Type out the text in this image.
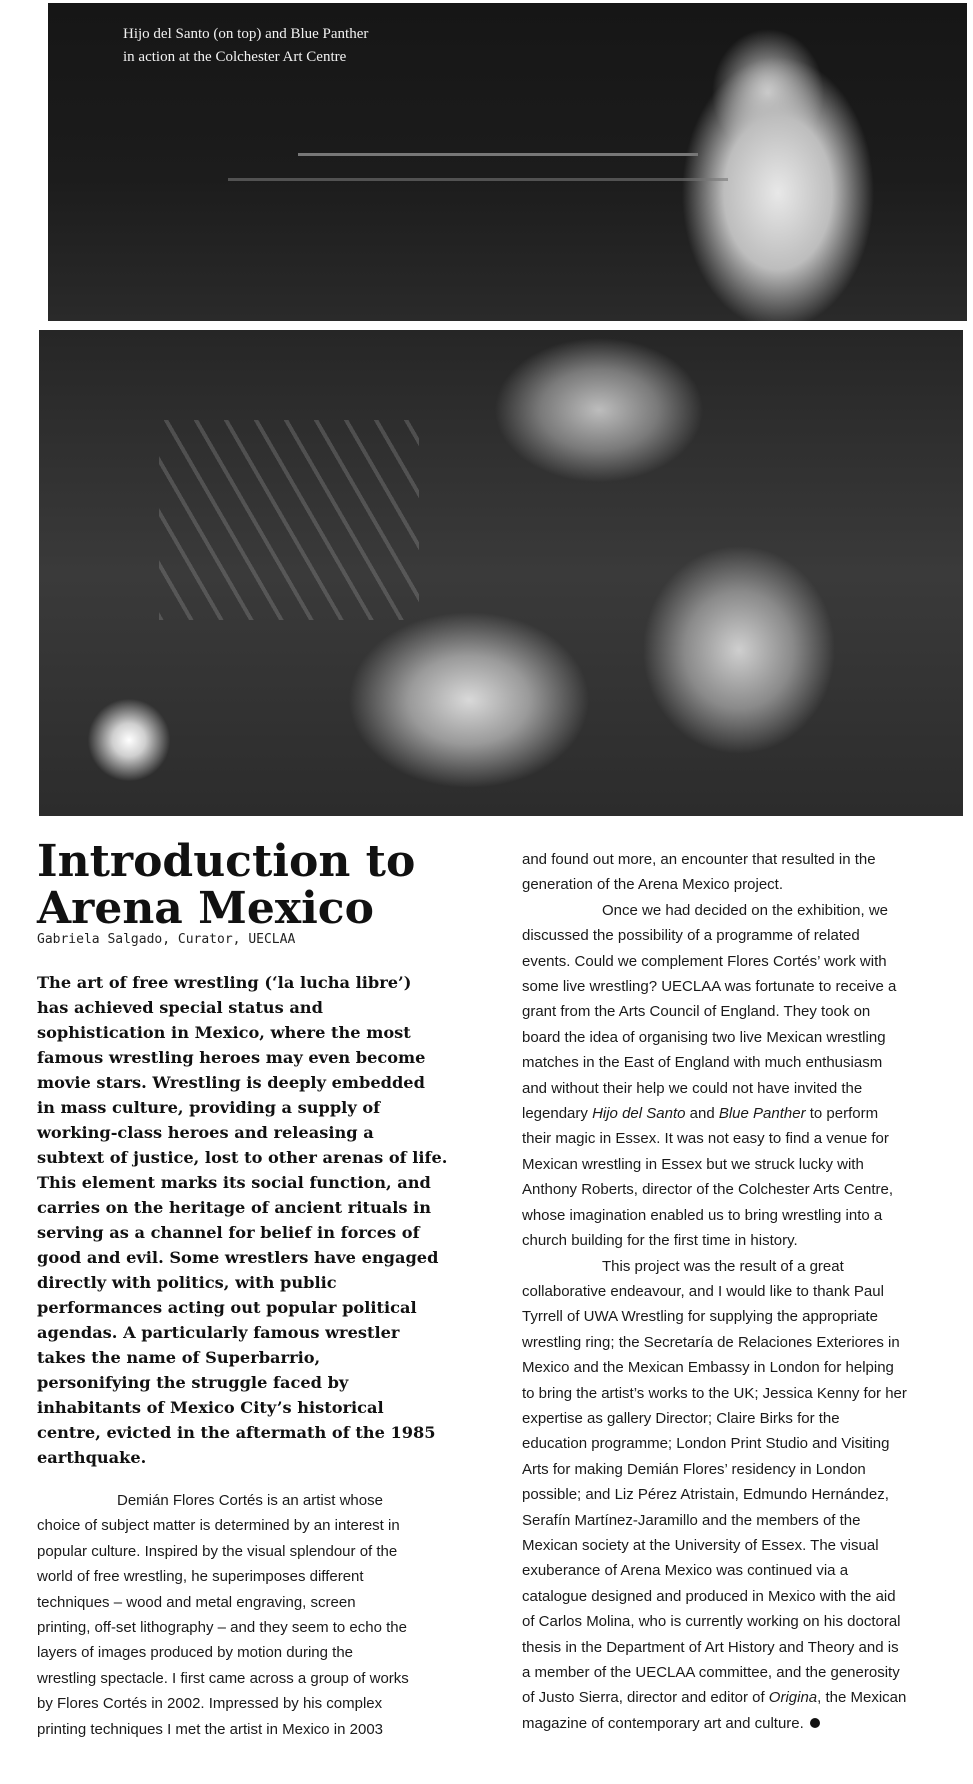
Hijo del Santo (on top) and Blue Panther
in action at the Colchester Art Centre
Introduction to
Arena Mexico
Gabriela Salgado, Curator, UECLAA
The art of free wrestling (‘la lucha libre’)
has achieved special status and
sophistication in Mexico, where the most
famous wrestling heroes may even become
movie stars. Wrestling is deeply embedded
in mass culture, providing a supply of
working-class heroes and releasing a
subtext of justice, lost to other arenas of life.
This element marks its social function, and
carries on the heritage of ancient rituals in
serving as a channel for belief in forces of
good and evil. Some wrestlers have engaged
directly with politics, with public
performances acting out popular political
agendas. A particularly famous wrestler
takes the name of Superbarrio,
personifying the struggle faced by
inhabitants of Mexico City’s historical
centre, evicted in the aftermath of the 1985
earthquake.
Demián Flores Cortés is an artist whose
choice of subject matter is determined by an interest in
popular culture. Inspired by the visual splendour of the
world of free wrestling, he superimposes different
techniques – wood and metal engraving, screen
printing, off-set lithography – and they seem to echo the
layers of images produced by motion during the
wrestling spectacle. I first came across a group of works
by Flores Cortés in 2002. Impressed by his complex
printing techniques I met the artist in Mexico in 2003
and found out more, an encounter that resulted in the
generation of the Arena Mexico project.
Once we had decided on the exhibition, we
discussed the possibility of a programme of related
events. Could we complement Flores Cortés’ work with
some live wrestling? UECLAA was fortunate to receive a
grant from the Arts Council of England. They took on
board the idea of organising two live Mexican wrestling
matches in the East of England with much enthusiasm
and without their help we could not have invited the
legendary Hijo del Santo and Blue Panther to perform
their magic in Essex. It was not easy to find a venue for
Mexican wrestling in Essex but we struck lucky with
Anthony Roberts, director of the Colchester Arts Centre,
whose imagination enabled us to bring wrestling into a
church building for the first time in history.
This project was the result of a great
collaborative endeavour, and I would like to thank Paul
Tyrrell of UWA Wrestling for supplying the appropriate
wrestling ring; the Secretaría de Relaciones Exteriores in
Mexico and the Mexican Embassy in London for helping
to bring the artist’s works to the UK; Jessica Kenny for her
expertise as gallery Director; Claire Birks for the
education programme; London Print Studio and Visiting
Arts for making Demián Flores’ residency in London
possible; and Liz Pérez Atristain, Edmundo Hernández,
Serafín Martínez-Jaramillo and the members of the
Mexican society at the University of Essex. The visual
exuberance of Arena Mexico was continued via a
catalogue designed and produced in Mexico with the aid
of Carlos Molina, who is currently working on his doctoral
thesis in the Department of Art History and Theory and is
a member of the UECLAA committee, and the generosity
of Justo Sierra, director and editor of Origina, the Mexican
magazine of contemporary art and culture.
